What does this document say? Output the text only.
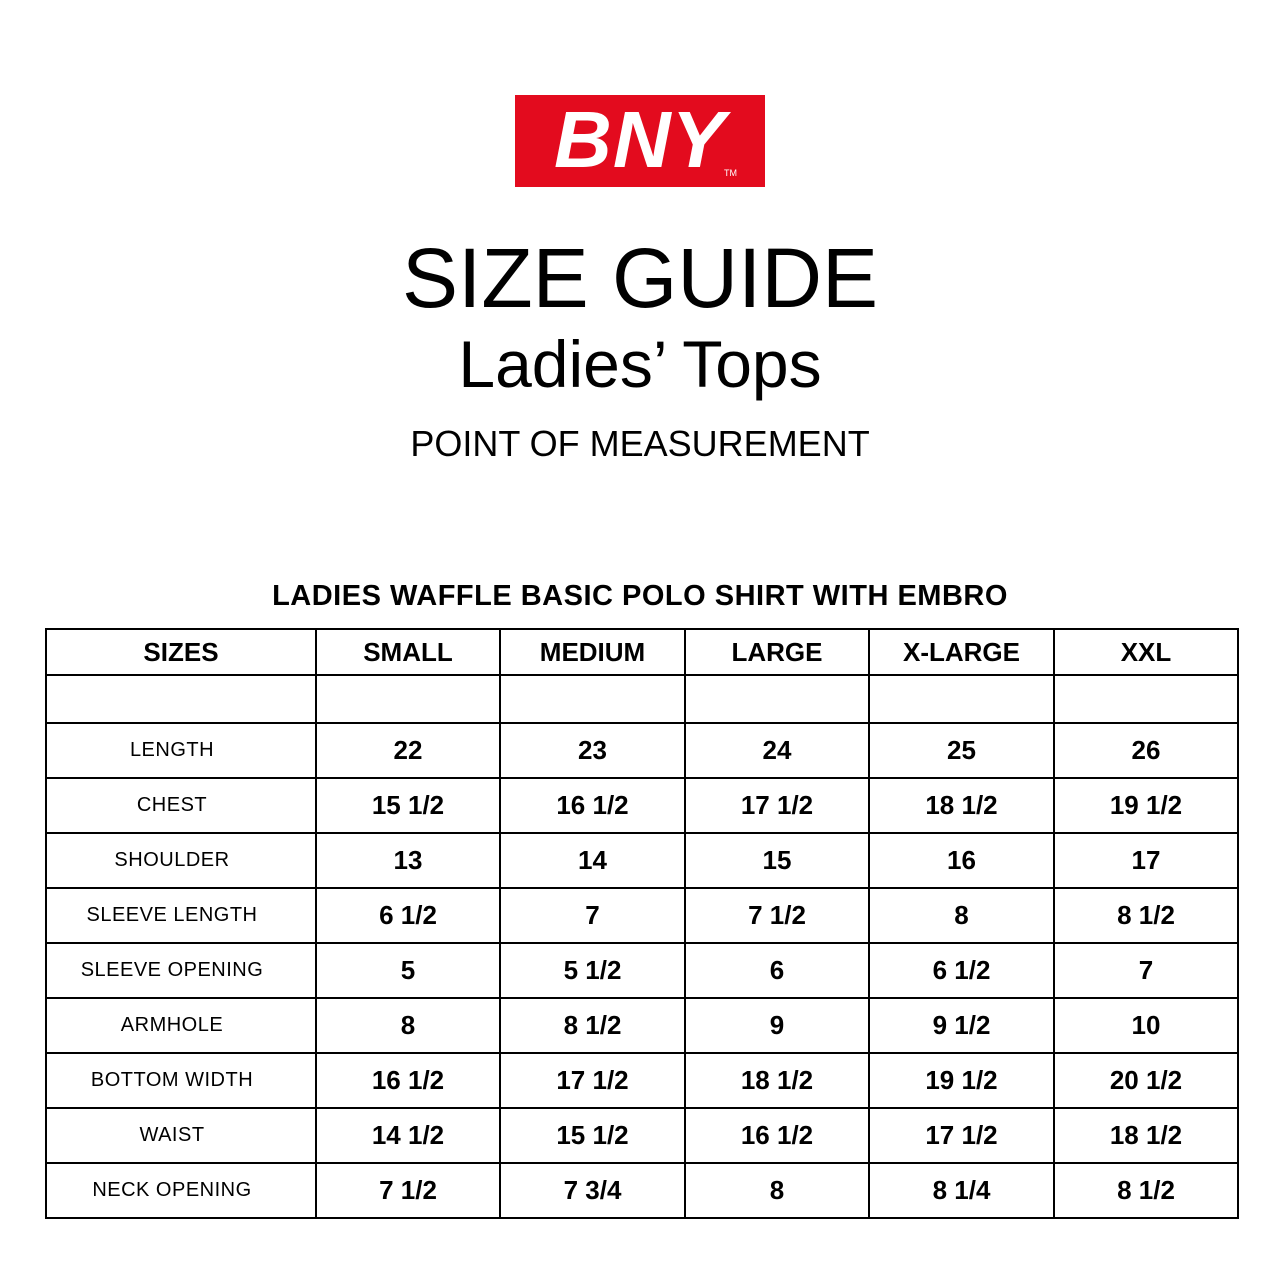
BNY
TM
SIZE GUIDE
Ladies’ Tops
POINT OF MEASUREMENT
LADIES WAFFLE BASIC POLO SHIRT WITH EMBRO
SIZES	SMALL	MEDIUM	LARGE	X-LARGE	XXL

LENGTH	22	23	24	25	26
CHEST	15 1/2	16 1/2	17 1/2	18 1/2	19 1/2
SHOULDER	13	14	15	16	17
SLEEVE LENGTH	6 1/2	7	7 1/2	8	8 1/2
SLEEVE OPENING	5	5 1/2	6	6 1/2	7
ARMHOLE	8	8 1/2	9	9 1/2	10
BOTTOM WIDTH	16 1/2	17 1/2	18 1/2	19 1/2	20 1/2
WAIST	14 1/2	15 1/2	16 1/2	17 1/2	18 1/2
NECK OPENING	7 1/2	7 3/4	8	8 1/4	8 1/2
